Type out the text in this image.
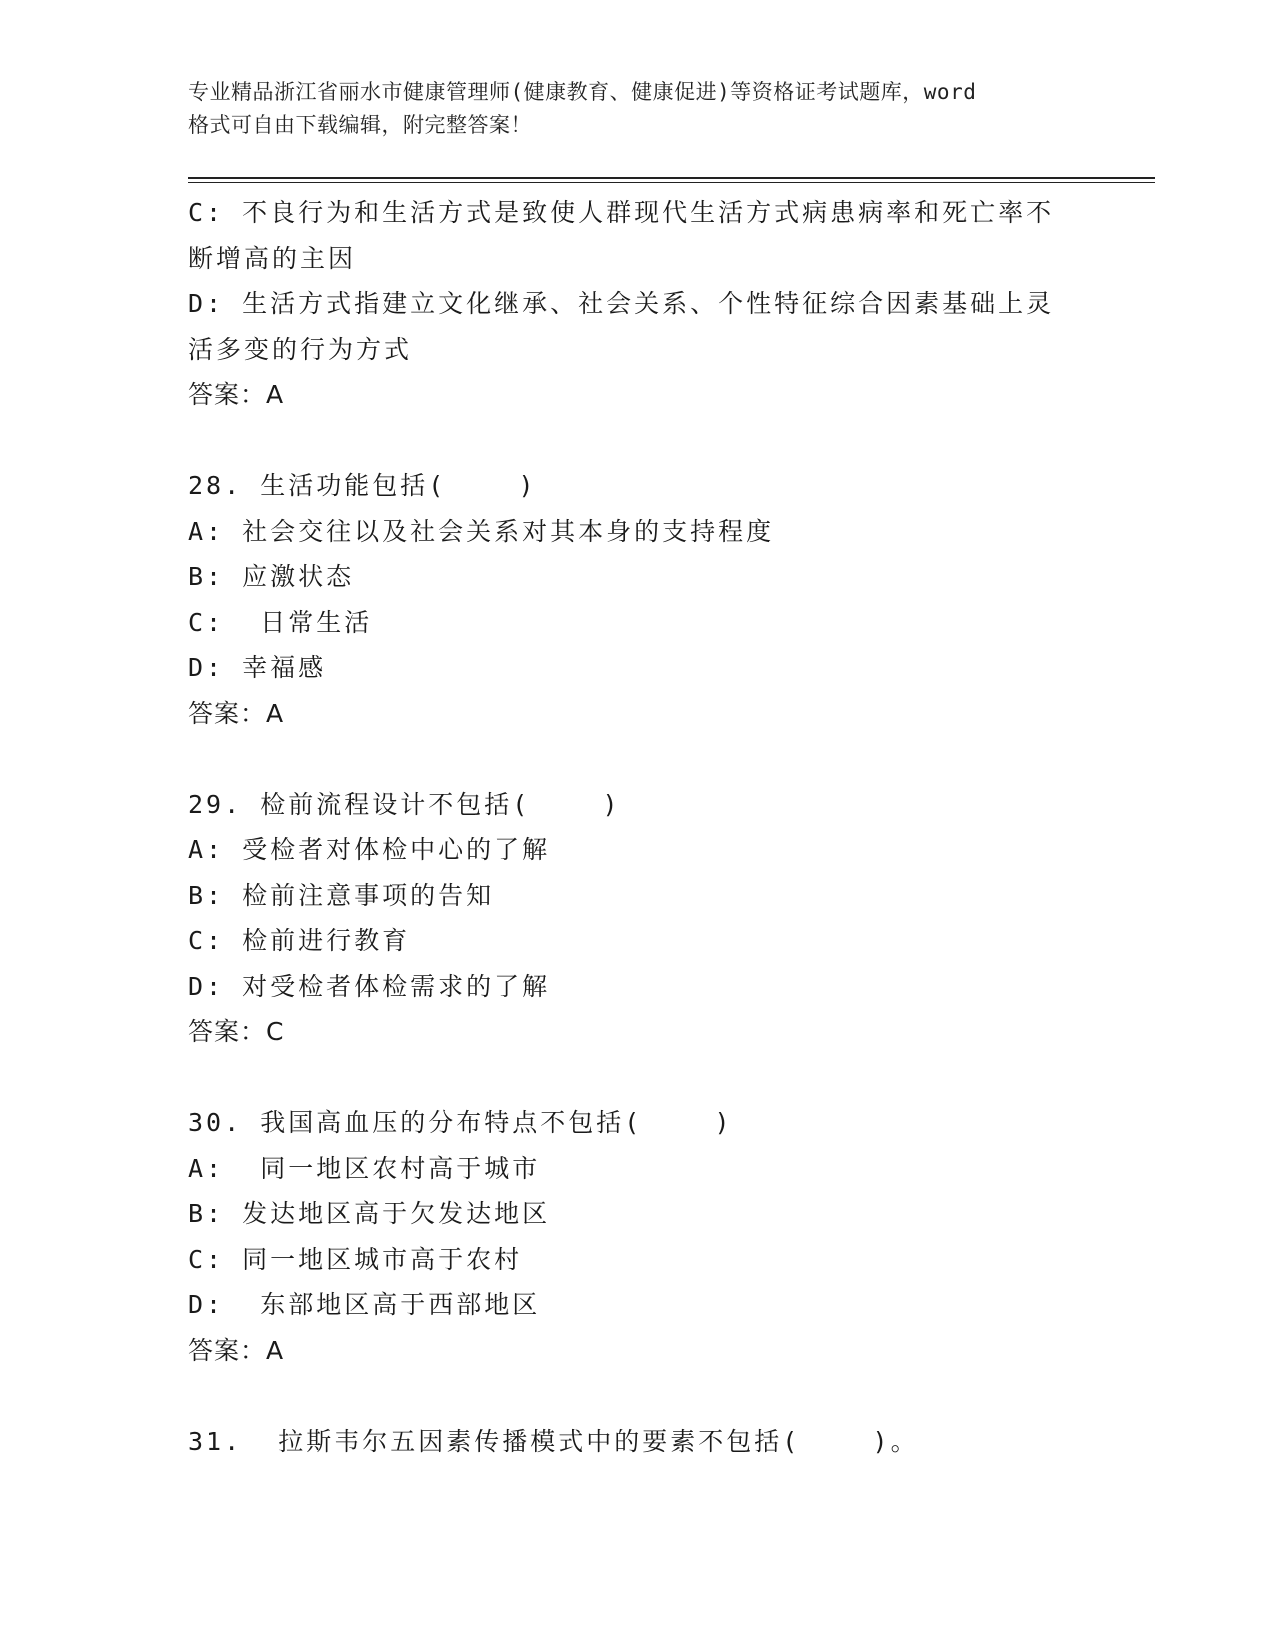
专业精品浙江省丽水市健康管理师(健康教育、健康促进)等资格证考试题库，word
格式可自由下载编辑，附完整答案！
C: 不良行为和生活方式是致使人群现代生活方式病患病率和死亡率不
断增高的主因
D: 生活方式指建立文化继承、社会关系、个性特征综合因素基础上灵
活多变的行为方式
答案：A
28. 生活功能包括(    )
A: 社会交往以及社会关系对其本身的支持程度
B: 应激状态
C:  日常生活
D: 幸福感
答案：A
29. 检前流程设计不包括(    )
A: 受检者对体检中心的了解
B: 检前注意事项的告知
C: 检前进行教育
D: 对受检者体检需求的了解
答案：C
30. 我国高血压的分布特点不包括(    )
A:  同一地区农村高于城市
B: 发达地区高于欠发达地区
C: 同一地区城市高于农村
D:  东部地区高于西部地区
答案：A
31.  拉斯韦尔五因素传播模式中的要素不包括(    )。
